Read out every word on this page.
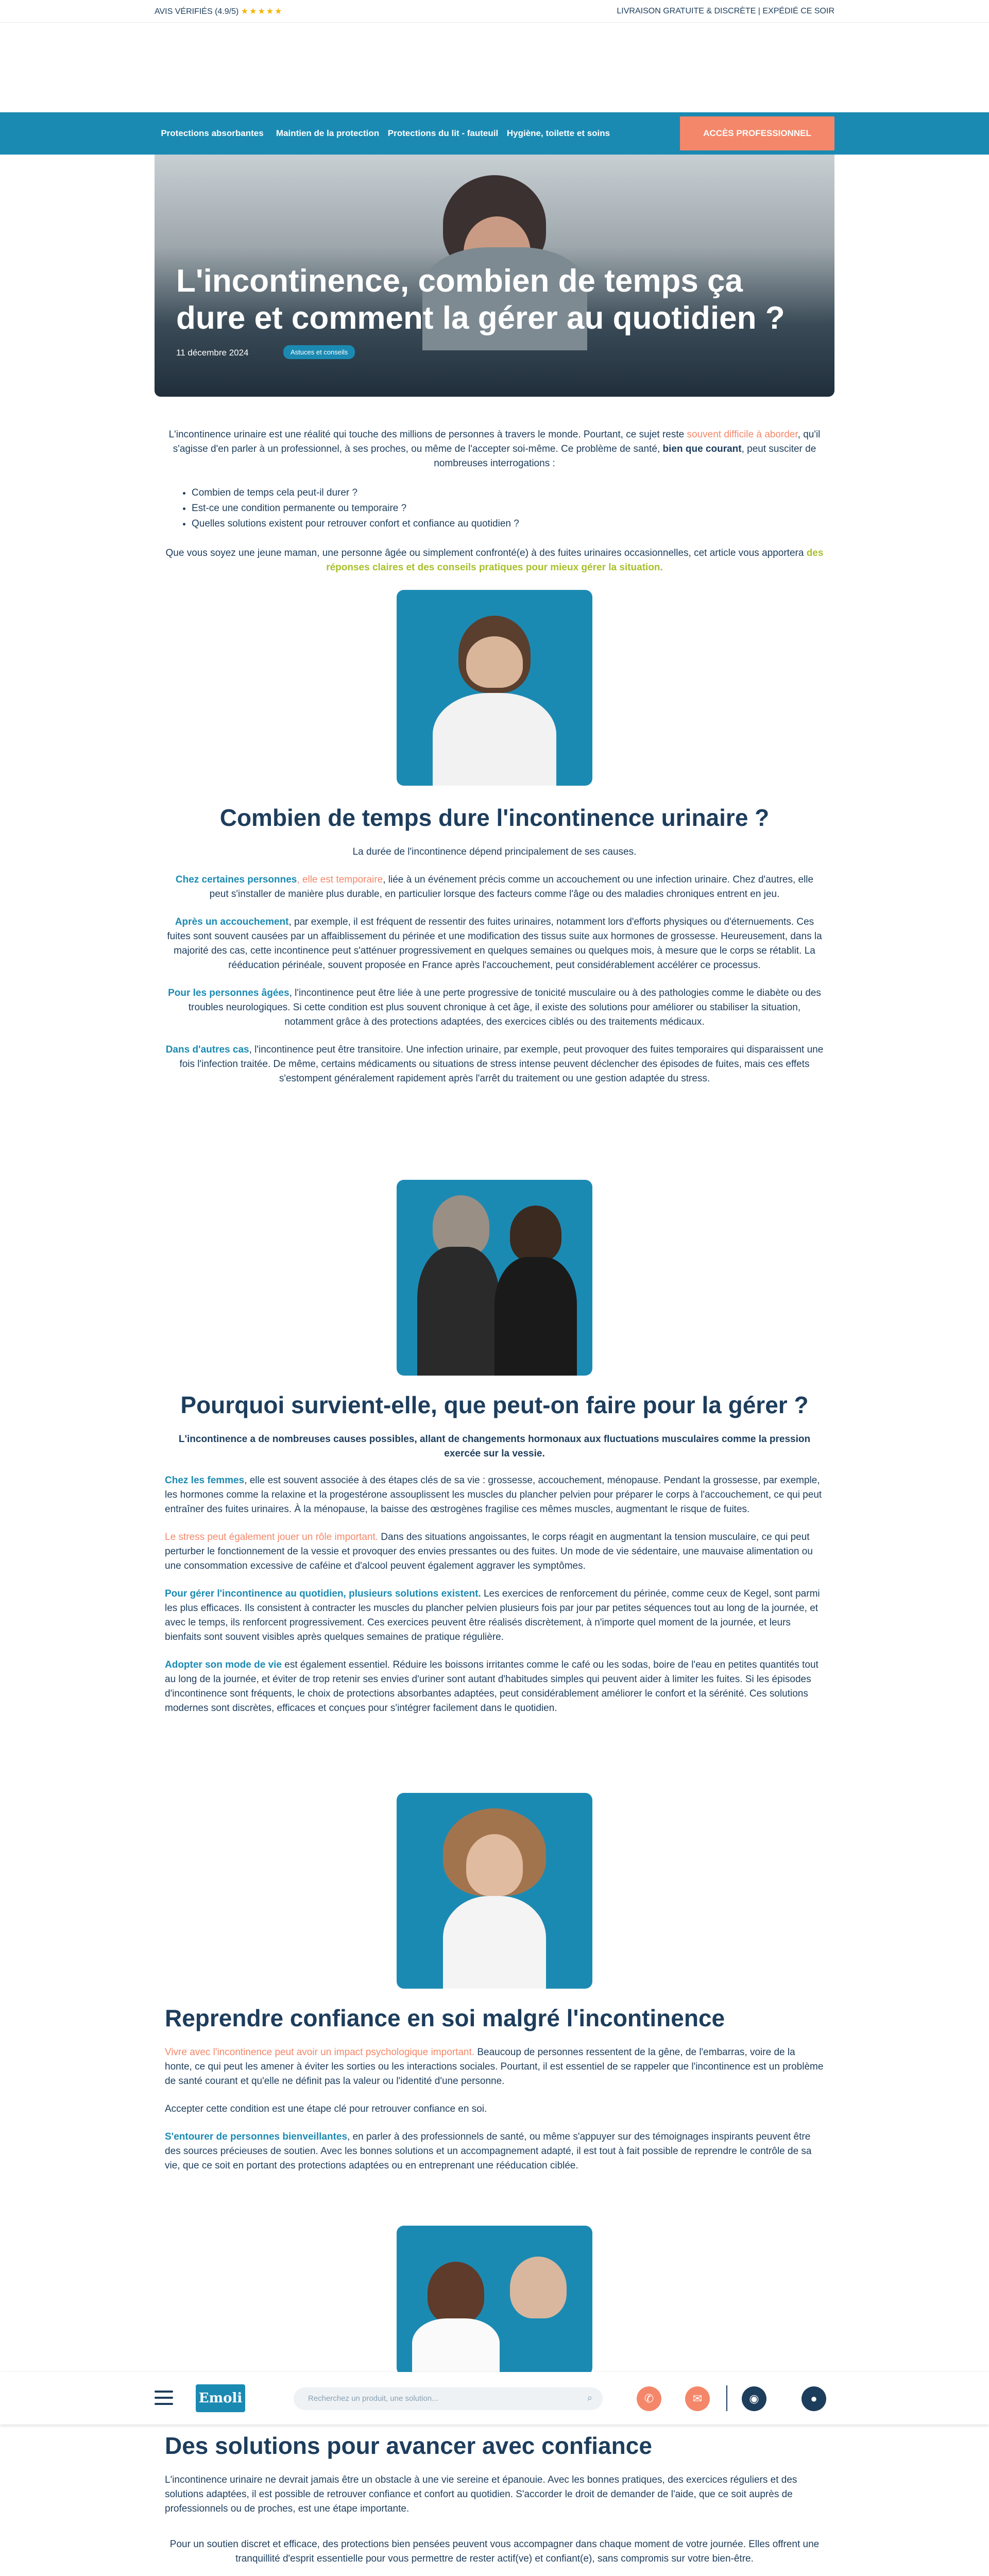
AVIS VÉRIFIÉS (4.9/5) ★★★★★	LIVRAISON GRATUITE & DISCRÈTE | EXPÉDIÉ CE SOIR
Protections absorbantes	Maintien de la protection Protections du lit - fauteuil Hygiène, toilette et soins	ACCÈS PROFESSIONNEL
L'incontinence, combien de temps ça dure et comment la gérer au quotidien ?
11 décembre 2024	Astuces et conseils

L'incontinence urinaire est une réalité qui touche des millions de personnes à travers le monde. Pourtant, ce sujet reste souvent difficile à aborder, qu'il s'agisse d'en parler à un professionnel, à ses proches, ou même de l'accepter soi-même. Ce problème de santé, bien que courant, peut susciter de nombreuses interrogations :

• Combien de temps cela peut-il durer ?
• Est-ce une condition permanente ou temporaire ?
• Quelles solutions existent pour retrouver confort et confiance au quotidien ?

Que vous soyez une jeune maman, une personne âgée ou simplement confronté(e) à des fuites urinaires occasionnelles, cet article vous apportera des réponses claires et des conseils pratiques pour mieux gérer la situation.

Combien de temps dure l'incontinence urinaire ?

La durée de l'incontinence dépend principalement de ses causes.

Chez certaines personnes, elle est temporaire, liée à un événement précis comme un accouchement ou une infection urinaire. Chez d'autres, elle peut s'installer de manière plus durable, en particulier lorsque des facteurs comme l'âge ou des maladies chroniques entrent en jeu.

Après un accouchement, par exemple, il est fréquent de ressentir des fuites urinaires, notamment lors d'efforts physiques ou d'éternuements. Ces fuites sont souvent causées par un affaiblissement du périnée et une modification des tissus suite aux hormones de grossesse. Heureusement, dans la majorité des cas, cette incontinence peut s'atténuer progressivement en quelques semaines ou quelques mois, à mesure que le corps se rétablit. La rééducation périnéale, souvent proposée en France après l'accouchement, peut considérablement accélérer ce processus.

Pour les personnes âgées, l'incontinence peut être liée à une perte progressive de tonicité musculaire ou à des pathologies comme le diabète ou des troubles neurologiques. Si cette condition est plus souvent chronique à cet âge, il existe des solutions pour améliorer ou stabiliser la situation, notamment grâce à des protections adaptées, des exercices ciblés ou des traitements médicaux.

Dans d'autres cas, l'incontinence peut être transitoire. Une infection urinaire, par exemple, peut provoquer des fuites temporaires qui disparaissent une fois l'infection traitée. De même, certains médicaments ou situations de stress intense peuvent déclencher des épisodes de fuites, mais ces effets s'estompent généralement rapidement après l'arrêt du traitement ou une gestion adaptée du stress.

Pourquoi survient-elle, que peut-on faire pour la gérer ?

L'incontinence a de nombreuses causes possibles, allant de changements hormonaux aux fluctuations musculaires comme la pression exercée sur la vessie.

Chez les femmes, elle est souvent associée à des étapes clés de sa vie : grossesse, accouchement, ménopause. Pendant la grossesse, par exemple, les hormones comme la relaxine et la progestérone assouplissent les muscles du plancher pelvien pour préparer le corps à l'accouchement, ce qui peut entraîner des fuites urinaires. À la ménopause, la baisse des œstrogènes fragilise ces mêmes muscles, augmentant le risque de fuites.

Le stress peut également jouer un rôle important. Dans des situations angoissantes, le corps réagit en augmentant la tension musculaire, ce qui peut perturber le fonctionnement de la vessie et provoquer des envies pressantes ou des fuites. Un mode de vie sédentaire, une mauvaise alimentation ou une consommation excessive de caféine et d'alcool peuvent également aggraver les symptômes.

Pour gérer l'incontinence au quotidien, plusieurs solutions existent. Les exercices de renforcement du périnée, comme ceux de Kegel, sont parmi les plus efficaces. Ils consistent à contracter les muscles du plancher pelvien plusieurs fois par jour par petites séquences tout au long de la journée, et avec le temps, ils renforcent progressivement. Ces exercices peuvent être réalisés discrètement, à n'importe quel moment de la journée, et leurs bienfaits sont souvent visibles après quelques semaines de pratique régulière.

Adopter son mode de vie est également essentiel. Réduire les boissons irritantes comme le café ou les sodas, boire de l'eau en petites quantités tout au long de la journée, et éviter de trop retenir ses envies d'uriner sont autant d'habitudes simples qui peuvent aider à limiter les fuites. Si les épisodes d'incontinence sont fréquents, le choix de protections absorbantes adaptées, peut considérablement améliorer le confort et la sérénité. Ces solutions modernes sont discrètes, efficaces et conçues pour s'intégrer facilement dans le quotidien.

Reprendre confiance en soi malgré l'incontinence

Vivre avec l'incontinence peut avoir un impact psychologique important. Beaucoup de personnes ressentent de la gêne, de l'embarras, voire de la honte, ce qui peut les amener à éviter les sorties ou les interactions sociales. Pourtant, il est essentiel de se rappeler que l'incontinence est un problème de santé courant et qu'elle ne définit pas la valeur ou l'identité d'une personne.

Accepter cette condition est une étape clé pour retrouver confiance en soi.

S'entourer de personnes bienveillantes, en parler à des professionnels de santé, ou même s'appuyer sur des témoignages inspirants peuvent être des sources précieuses de soutien. Avec les bonnes solutions et un accompagnement adapté, il est tout à fait possible de reprendre le contrôle de sa vie, que ce soit en portant des protections adaptées ou en entreprenant une rééducation ciblée.

Emoli	Recherchez un produit, une solution...	⌕	✆	✉	◉	●
Des solutions pour avancer avec confiance

L'incontinence urinaire ne devrait jamais être un obstacle à une vie sereine et épanouie. Avec les bonnes pratiques, des exercices réguliers et des solutions adaptées, il est possible de retrouver confiance et confort au quotidien. S'accorder le droit de demander de l'aide, que ce soit auprès de professionnels ou de proches, est une étape importante.

Pour un soutien discret et efficace, des protections bien pensées peuvent vous accompagner dans chaque moment de votre journée. Elles offrent une tranquillité d'esprit essentielle pour vous permettre de rester actif(ve) et confiant(e), sans compromis sur votre bien-être.
